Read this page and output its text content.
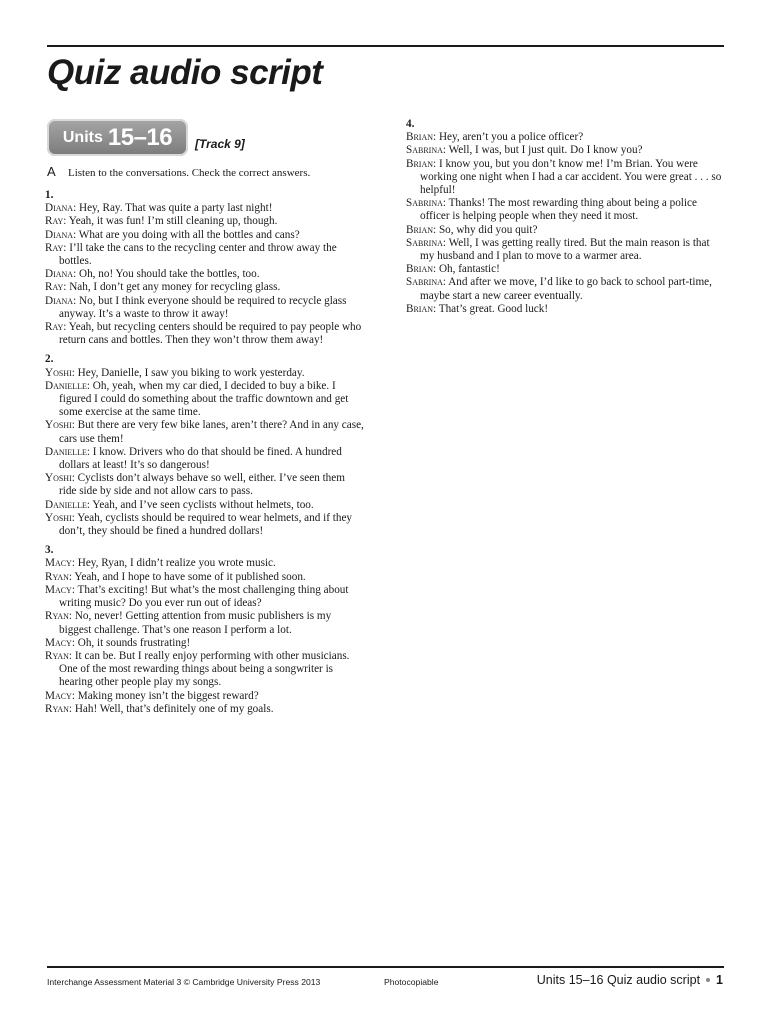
Quiz audio script
Units 15–16 [Track 9]
A Listen to the conversations. Check the correct answers.
1.
Diana: Hey, Ray. That was quite a party last night!
Ray: Yeah, it was fun! I’m still cleaning up, though.
Diana: What are you doing with all the bottles and cans?
Ray: I’ll take the cans to the recycling center and throw away the bottles.
Diana: Oh, no! You should take the bottles, too.
Ray: Nah, I don’t get any money for recycling glass.
Diana: No, but I think everyone should be required to recycle glass anyway. It’s a waste to throw it away!
Ray: Yeah, but recycling centers should be required to pay people who return cans and bottles. Then they won’t throw them away!
2.
Yoshi: Hey, Danielle, I saw you biking to work yesterday.
Danielle: Oh, yeah, when my car died, I decided to buy a bike. I figured I could do something about the traffic downtown and get some exercise at the same time.
Yoshi: But there are very few bike lanes, aren’t there? And in any case, cars use them!
Danielle: I know. Drivers who do that should be fined. A hundred dollars at least! It’s so dangerous!
Yoshi: Cyclists don’t always behave so well, either. I’ve seen them ride side by side and not allow cars to pass.
Danielle: Yeah, and I’ve seen cyclists without helmets, too.
Yoshi: Yeah, cyclists should be required to wear helmets, and if they don’t, they should be fined a hundred dollars!
3.
Macy: Hey, Ryan, I didn’t realize you wrote music.
Ryan: Yeah, and I hope to have some of it published soon.
Macy: That’s exciting! But what’s the most challenging thing about writing music? Do you ever run out of ideas?
Ryan: No, never! Getting attention from music publishers is my biggest challenge. That’s one reason I perform a lot.
Macy: Oh, it sounds frustrating!
Ryan: It can be. But I really enjoy performing with other musicians. One of the most rewarding things about being a songwriter is hearing other people play my songs.
Macy: Making money isn’t the biggest reward?
Ryan: Hah! Well, that’s definitely one of my goals.
4.
Brian: Hey, aren’t you a police officer?
Sabrina: Well, I was, but I just quit. Do I know you?
Brian: I know you, but you don’t know me! I’m Brian. You were working one night when I had a car accident. You were great . . . so helpful!
Sabrina: Thanks! The most rewarding thing about being a police officer is helping people when they need it most.
Brian: So, why did you quit?
Sabrina: Well, I was getting really tired. But the main reason is that my husband and I plan to move to a warmer area.
Brian: Oh, fantastic!
Sabrina: And after we move, I’d like to go back to school part-time, maybe start a new career eventually.
Brian: That’s great. Good luck!
Interchange Assessment Material 3 © Cambridge University Press 2013	Photocopiable	Units 15–16 Quiz audio script 1
